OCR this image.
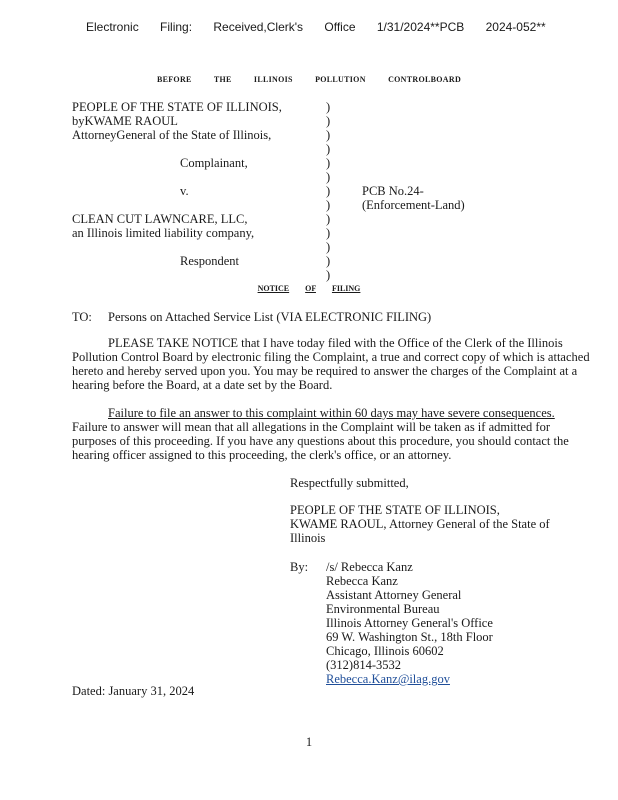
Electronic Filing: Received,Clerk's Office 1/31/2024**PCB 2024-052**
BEFORE THE ILLINOIS POLLUTION CONTROLBOARD
PEOPLE OF THE STATE OF ILLINOIS,
byKWAME RAOUL
AttorneyGeneral of the State of Illinois,
Complainant,
v.
CLEAN CUT LAWNCARE, LLC,
an Illinois limited liability company,
Respondent
)
)
)
)
)
)
)
)
)
)
)
)
)
PCB No.24-
(Enforcement-Land)
NOTICE OF FILING
TO: Persons on Attached Service List (VIA ELECTRONIC FILING)

PLEASE TAKE NOTICE that I have today filed with the Office of the Clerk of the Illinois Pollution Control Board by electronic filing the Complaint, a true and correct copy of which is attached hereto and hereby served upon you. You may be required to answer the charges of the Complaint at a hearing before the Board, at a date set by the Board.

Failure to file an answer to this complaint within 60 days may have severe consequences. Failure to answer will mean that all allegations in the Complaint will be taken as if admitted for purposes of this proceeding. If you have any questions about this procedure, you should contact the hearing officer assigned to this proceeding, the clerk's office, or an attorney.

Respectfully submitted,
PEOPLE OF THE STATE OF ILLINOIS,
KWAME RAOUL, Attorney General of the State of
Illinois
By: /s/ Rebecca Kanz
Rebecca Kanz
Assistant Attorney General
Environmental Bureau
Illinois Attorney General's Office
69 W. Washington St., 18th Floor
Chicago, Illinois 60602
(312)814-3532
Rebecca.Kanz@ilag.gov
Dated: January 31, 2024
1
